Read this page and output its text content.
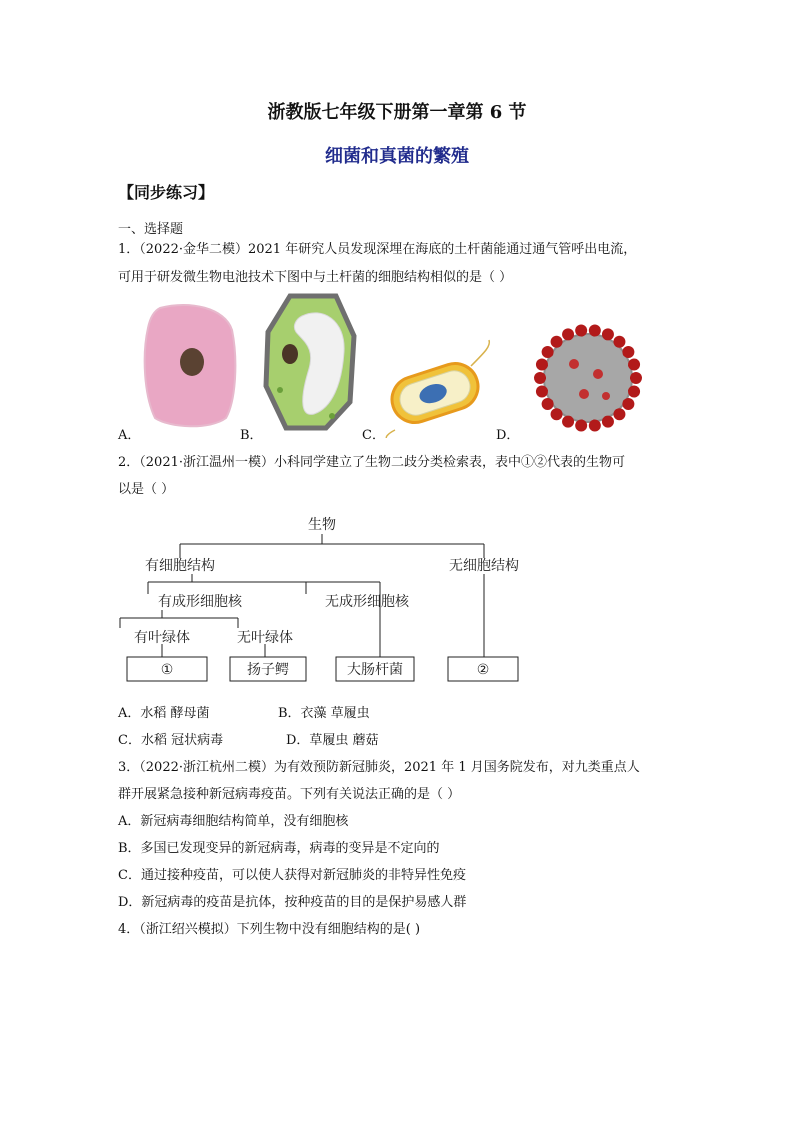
浙教版七年级下册第一章第 6 节
细菌和真菌的繁殖
【同步练习】
一、选择题
1．（2022·金华二模）2021 年研究人员发现深埋在海底的土杆菌能通过通气管呼出电流，
可用于研发微生物电池技术下图中与土杆菌的细胞结构相似的是（ ）
A．	B．	C．	D．
2．（2021·浙江温州一模）小科同学建立了生物二歧分类检索表，表中①②代表的生物可
以是（ ）
生物
有细胞结构	无细胞结构
有成形细胞核	无成形细胞核
有叶绿体	无叶绿体
①	扬子鳄	大肠杆菌	②
A．水稻 酵母菌	B．衣藻 草履虫
C．水稻 冠状病毒	D．草履虫 蘑菇
3．（2022·浙江杭州二模）为有效预防新冠肺炎，2021 年 1 月国务院发布，对九类重点人
群开展紧急接种新冠病毒疫苗。下列有关说法正确的是（ ）
A．新冠病毒细胞结构简单，没有细胞核
B．多国已发现变异的新冠病毒，病毒的变异是不定向的
C．通过接种疫苗，可以使人获得对新冠肺炎的非特异性免疫
D．新冠病毒的疫苗是抗体，按种疫苗的目的是保护易感人群
4．（浙江绍兴模拟）下列生物中没有细胞结构的是( )
